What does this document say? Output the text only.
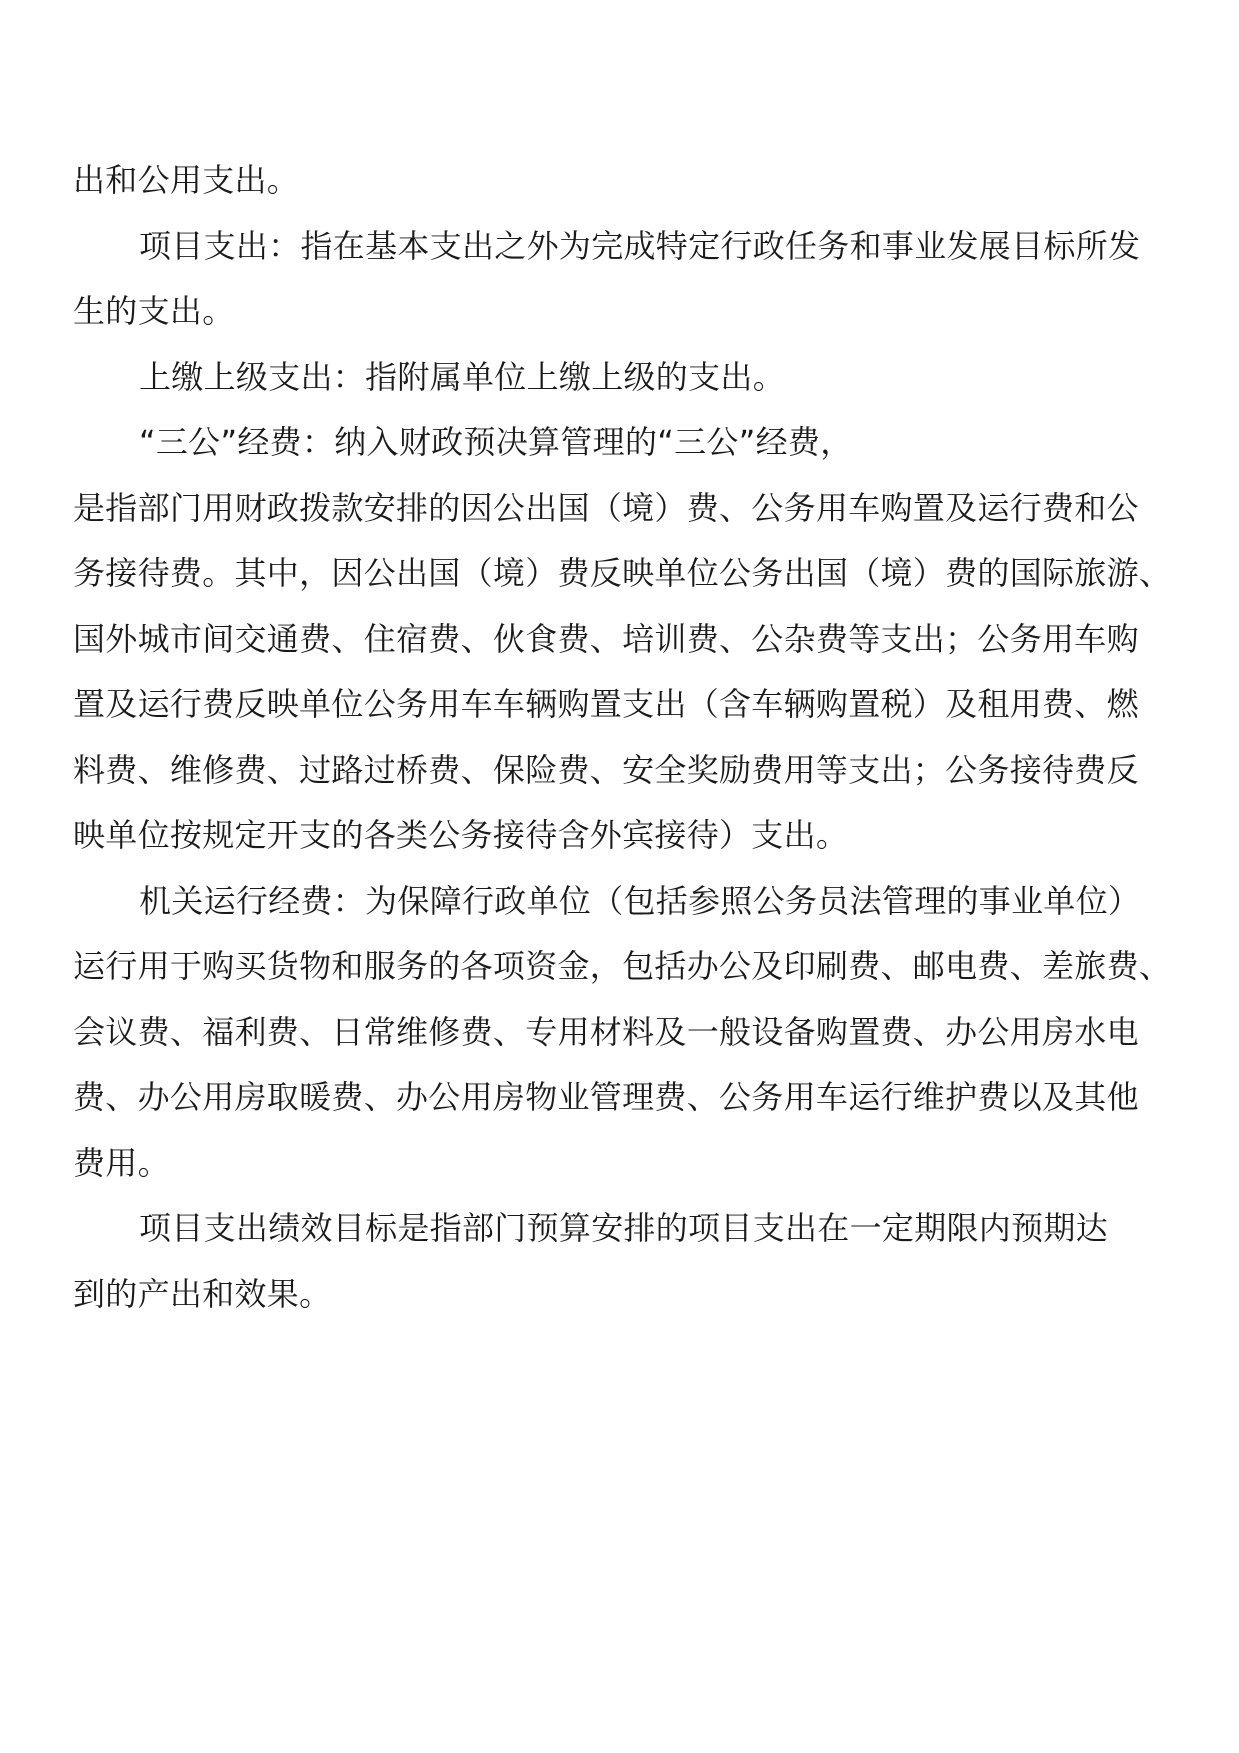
出和公用支出。
项目支出：指在基本支出之外为完成特定行政任务和事业发展目标所发
生的支出。
上缴上级支出：指附属单位上缴上级的支出。
“三公”经费：纳入财政预决算管理的“三公”经费，
是指部门用财政拨款安排的因公出国（境）费、公务用车购置及运行费和公
务接待费。其中，因公出国（境）费反映单位公务出国（境）费的国际旅游、
国外城市间交通费、住宿费、伙食费、培训费、公杂费等支出；公务用车购
置及运行费反映单位公务用车车辆购置支出（含车辆购置税）及租用费、燃
料费、维修费、过路过桥费、保险费、安全奖励费用等支出；公务接待费反
映单位按规定开支的各类公务接待含外宾接待）支出。
机关运行经费：为保障行政单位（包括参照公务员法管理的事业单位）
运行用于购买货物和服务的各项资金，包括办公及印刷费、邮电费、差旅费、
会议费、福利费、日常维修费、专用材料及一般设备购置费、办公用房水电
费、办公用房取暖费、办公用房物业管理费、公务用车运行维护费以及其他
费用。
项目支出绩效目标是指部门预算安排的项目支出在一定期限内预期达
到的产出和效果。
